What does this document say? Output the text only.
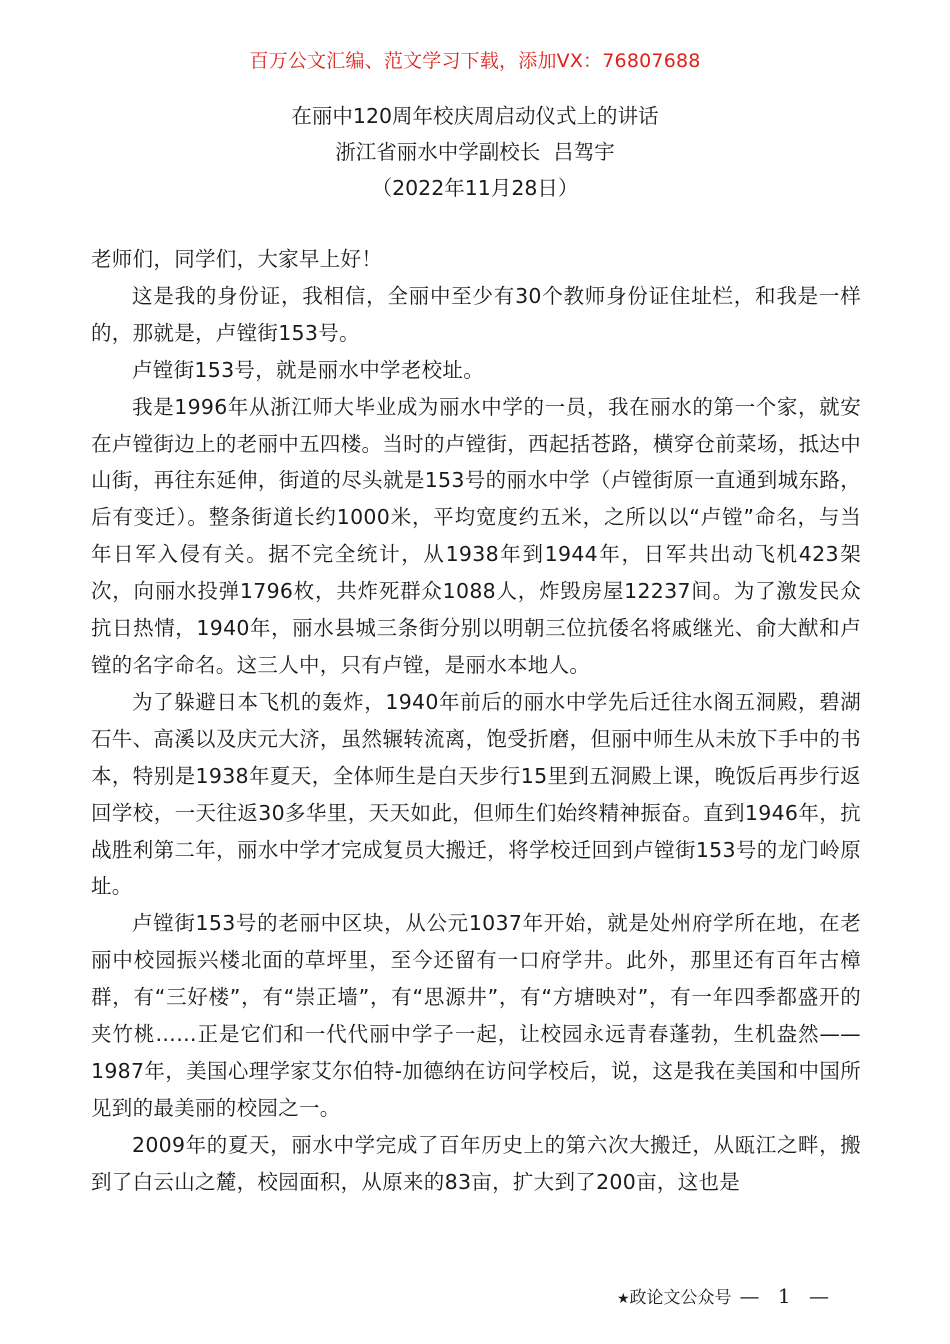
百万公文汇编、范文学习下载，添加VX：76807688
在丽中120周年校庆周启动仪式上的讲话
浙江省丽水中学副校长  吕驾宇
（2022年11月28日）

老师们，同学们，大家早上好！

这是我的身份证，我相信，全丽中至少有30个教师身份证住址栏，和我是一样的，那就是，卢镗街153号。

卢镗街153号，就是丽水中学老校址。

我是1996年从浙江师大毕业成为丽水中学的一员，我在丽水的第一个家，就安在卢镗街边上的老丽中五四楼。当时的卢镗街，西起括苍路，横穿仓前菜场，抵达中山街，再往东延伸，街道的尽头就是153号的丽水中学（卢镗街原一直通到城东路，后有变迁）。整条街道长约1000米，平均宽度约五米，之所以以“卢镗”命名，与当年日军入侵有关。据不完全统计，从1938年到1944年，日军共出动飞机423架次，向丽水投弹1796枚，共炸死群众1088人，炸毁房屋12237间。为了激发民众抗日热情，1940年，丽水县城三条街分别以明朝三位抗倭名将戚继光、俞大猷和卢镗的名字命名。这三人中，只有卢镗，是丽水本地人。

为了躲避日本飞机的轰炸，1940年前后的丽水中学先后迁往水阁五洞殿，碧湖石牛、高溪以及庆元大济，虽然辗转流离，饱受折磨，但丽中师生从未放下手中的书本，特别是1938年夏天，全体师生是白天步行15里到五洞殿上课，晚饭后再步行返回学校，一天往返30多华里，天天如此，但师生们始终精神振奋。直到1946年，抗战胜利第二年，丽水中学才完成复员大搬迁，将学校迁回到卢镗街153号的龙门岭原址。

卢镗街153号的老丽中区块，从公元1037年开始，就是处州府学所在地，在老丽中校园振兴楼北面的草坪里，至今还留有一口府学井。此外，那里还有百年古樟群，有“三好楼”，有“崇正墙”，有“思源井”，有“方塘映对”，有一年四季都盛开的夹竹桃……正是它们和一代代丽中学子一起，让校园永远青春蓬勃，生机盎然——1987年，美国心理学家艾尔伯特-加德纳在访问学校后，说，这是我在美国和中国所见到的最美丽的校园之一。

2009年的夏天，丽水中学完成了百年历史上的第六次大搬迁，从瓯江之畔，搬到了白云山之麓，校园面积，从原来的83亩，扩大到了200亩，这也是

★政论文公众号 — 1 —
